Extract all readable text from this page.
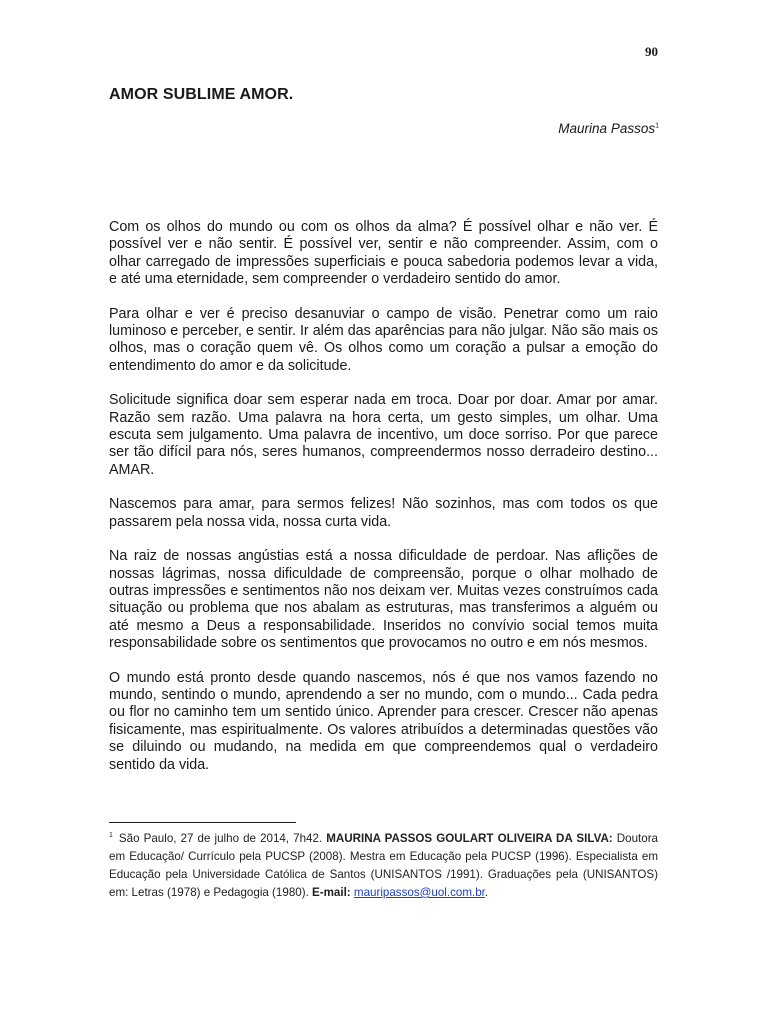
90
AMOR SUBLIME AMOR.
Maurina Passos$^1$

Com os olhos do mundo ou com os olhos da alma? É possível olhar e não ver. É possível ver e não sentir. É possível ver, sentir e não compreender. Assim, com o olhar carregado de impressões superficiais e pouca sabedoria podemos levar a vida, e até uma eternidade, sem compreender o verdadeiro sentido do amor.

Para olhar e ver é preciso desanuviar o campo de visão. Penetrar como um raio luminoso e perceber, e sentir. Ir além das aparências para não julgar. Não são mais os olhos, mas o coração quem vê. Os olhos como um coração a pulsar a emoção do entendimento do amor e da solicitude.

Solicitude significa doar sem esperar nada em troca. Doar por doar. Amar por amar. Razão sem razão. Uma palavra na hora certa, um gesto simples, um olhar. Uma escuta sem julgamento. Uma palavra de incentivo, um doce sorriso. Por que parece ser tão difícil para nós, seres humanos, compreendermos nosso derradeiro destino... AMAR.

Nascemos para amar, para sermos felizes! Não sozinhos, mas com todos os que passarem pela nossa vida, nossa curta vida.

Na raiz de nossas angústias está a nossa dificuldade de perdoar. Nas aflições de nossas lágrimas, nossa dificuldade de compreensão, porque o olhar molhado de outras impressões e sentimentos não nos deixam ver. Muitas vezes construímos cada situação ou problema que nos abalam as estruturas, mas transferimos a alguém ou até mesmo a Deus a responsabilidade. Inseridos no convívio social temos muita responsabilidade sobre os sentimentos que provocamos no outro e em nós mesmos.

O mundo está pronto desde quando nascemos, nós é que nos vamos fazendo no mundo, sentindo o mundo, aprendendo a ser no mundo, com o mundo... Cada pedra ou flor no caminho tem um sentido único. Aprender para crescer. Crescer não apenas fisicamente, mas espiritualmente. Os valores atribuídos a determinadas questões vão se diluindo ou mudando, na medida em que compreendemos qual o verdadeiro sentido da vida.

$^1$ São Paulo, 27 de julho de 2014, 7h42. MAURINA PASSOS GOULART OLIVEIRA DA SILVA: Doutora em Educação/ Currículo pela PUCSP (2008). Mestra em Educação pela PUCSP (1996). Especialista em Educação pela Universidade Católica de Santos (UNISANTOS /1991). Graduações pela (UNISANTOS) em: Letras (1978) e Pedagogia (1980). E-mail: mauripassos@uol.com.br.
